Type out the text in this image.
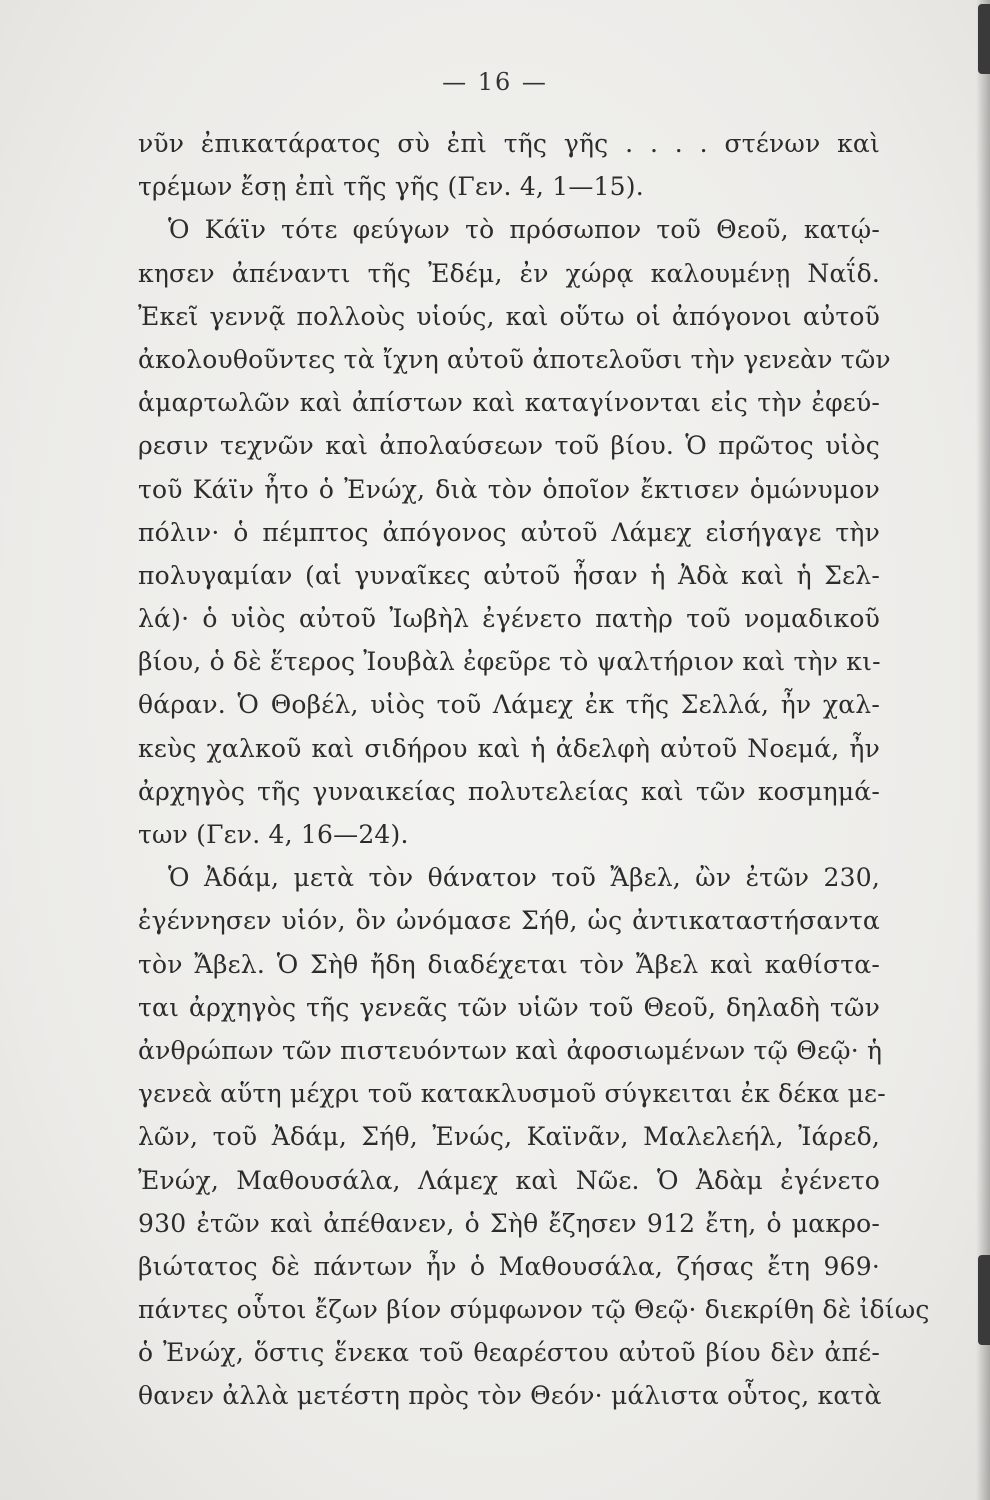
— 16 —
νῦν ἐπικατάρατος σὺ ἐπὶ τῆς γῆς . . . . στένων καὶ
τρέμων ἔσῃ ἐπὶ τῆς γῆς (Γεν. 4, 1—15).
Ὁ Κάϊν τότε φεύγων τὸ πρόσωπον τοῦ Θεοῦ, κατῴ-
κησεν ἀπέναντι τῆς Ἐδέμ, ἐν χώρᾳ καλουμένῃ Ναΐδ.
Ἐκεῖ γεννᾷ πολλοὺς υἱούς, καὶ οὕτω οἱ ἀπόγονοι αὐτοῦ
ἀκολουθοῦντες τὰ ἴχνη αὐτοῦ ἀποτελοῦσι τὴν γενεὰν τῶν
ἁμαρτωλῶν καὶ ἀπίστων καὶ καταγίνονται εἰς τὴν ἐφεύ-
ρεσιν τεχνῶν καὶ ἀπολαύσεων τοῦ βίου. Ὁ πρῶτος υἱὸς
τοῦ Κάϊν ἦτο ὁ Ἐνώχ, διὰ τὸν ὁποῖον ἔκτισεν ὁμώνυμον
πόλιν· ὁ πέμπτος ἀπόγονος αὐτοῦ Λάμεχ εἰσήγαγε τὴν
πολυγαμίαν (αἱ γυναῖκες αὐτοῦ ἦσαν ἡ Ἀδὰ καὶ ἡ Σελ-
λά)· ὁ υἱὸς αὐτοῦ Ἰωβὴλ ἐγένετο πατὴρ τοῦ νομαδικοῦ
βίου, ὁ δὲ ἕτερος Ἰουβὰλ ἐφεῦρε τὸ ψαλτήριον καὶ τὴν κι-
θάραν. Ὁ Θοβέλ, υἱὸς τοῦ Λάμεχ ἐκ τῆς Σελλά, ἦν χαλ-
κεὺς χαλκοῦ καὶ σιδήρου καὶ ἡ ἀδελφὴ αὐτοῦ Νοεμά, ἦν
ἀρχηγὸς τῆς γυναικείας πολυτελείας καὶ τῶν κοσμημά-
των (Γεν. 4, 16—24).
Ὁ Ἀδάμ, μετὰ τὸν θάνατον τοῦ Ἄβελ, ὢν ἐτῶν 230,
ἐγέννησεν υἱόν, ὃν ὠνόμασε Σήθ, ὡς ἀντικαταστήσαντα
τὸν Ἄβελ. Ὁ Σὴθ ἤδη διαδέχεται τὸν Ἄβελ καὶ καθίστα-
ται ἀρχηγὸς τῆς γενεᾶς τῶν υἱῶν τοῦ Θεοῦ, δηλαδὴ τῶν
ἀνθρώπων τῶν πιστευόντων καὶ ἀφοσιωμένων τῷ Θεῷ· ἡ
γενεὰ αὕτη μέχρι τοῦ κατακλυσμοῦ σύγκειται ἐκ δέκα με-
λῶν, τοῦ Ἀδάμ, Σήθ, Ἐνώς, Καϊνᾶν, Μαλελεήλ, Ἰάρεδ,
Ἐνώχ, Μαθουσάλα, Λάμεχ καὶ Νῶε. Ὁ Ἀδὰμ ἐγένετο
930 ἐτῶν καὶ ἀπέθανεν, ὁ Σὴθ ἔζησεν 912 ἔτη, ὁ μακρο-
βιώτατος δὲ πάντων ἦν ὁ Μαθουσάλα, ζήσας ἔτη 969·
πάντες οὗτοι ἔζων βίον σύμφωνον τῷ Θεῷ· διεκρίθη δὲ ἰδίως
ὁ Ἐνώχ, ὅστις ἕνεκα τοῦ θεαρέστου αὐτοῦ βίου δὲν ἀπέ-
θανεν ἀλλὰ μετέστη πρὸς τὸν Θεόν· μάλιστα οὗτος, κατὰ
